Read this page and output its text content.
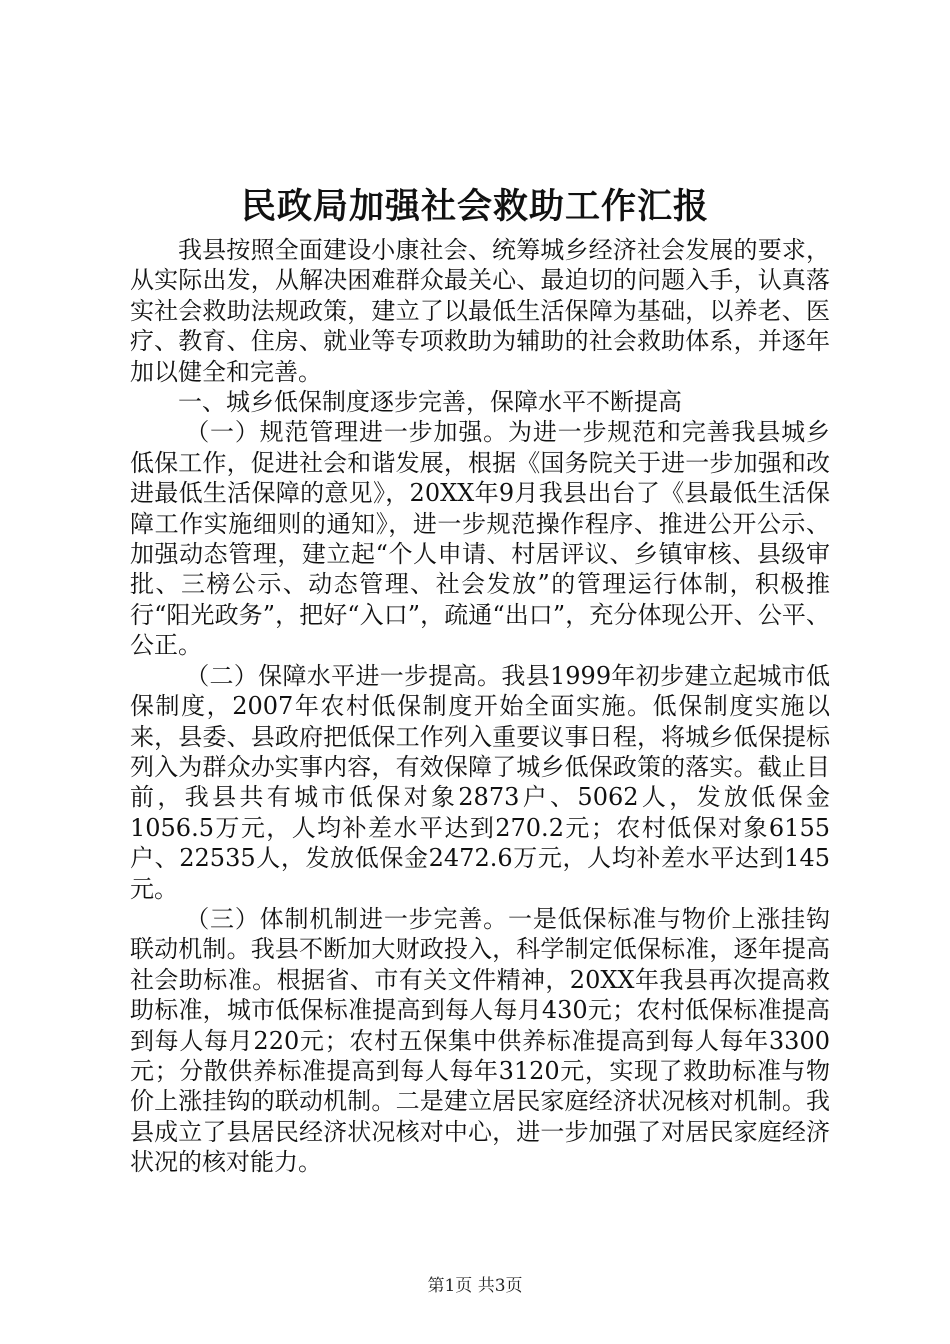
民政局加强社会救助工作汇报

我县按照全面建设小康社会、统筹城乡经济社会发展的要求，从实际出发，从解决困难群众最关心、最迫切的问题入手，认真落实社会救助法规政策，建立了以最低生活保障为基础，以养老、医疗、教育、住房、就业等专项救助为辅助的社会救助体系，并逐年加以健全和完善。

一、城乡低保制度逐步完善，保障水平不断提高

（一）规范管理进一步加强。为进一步规范和完善我县城乡低保工作，促进社会和谐发展，根据《国务院关于进一步加强和改进最低生活保障的意见》，20XX年9月我县出台了《县最低生活保障工作实施细则的通知》，进一步规范操作程序、推进公开公示、加强动态管理，建立起“个人申请、村居评议、乡镇审核、县级审批、三榜公示、动态管理、社会发放”的管理运行体制，积极推行“阳光政务”，把好“入口”，疏通“出口”，充分体现公开、公平、公正。

（二）保障水平进一步提高。我县1999年初步建立起城市低保制度，2007年农村低保制度开始全面实施。低保制度实施以来，县委、县政府把低保工作列入重要议事日程，将城乡低保提标列入为群众办实事内容，有效保障了城乡低保政策的落实。截止目前，我县共有城市低保对象2873户、5062人，发放低保金1056.5万元，人均补差水平达到270.2元；农村低保对象6155户、22535人，发放低保金2472.6万元，人均补差水平达到145元。

（三）体制机制进一步完善。一是低保标准与物价上涨挂钩联动机制。我县不断加大财政投入，科学制定低保标准，逐年提高社会助标准。根据省、市有关文件精神，20XX年我县再次提高救助标准，城市低保标准提高到每人每月430元；农村低保标准提高到每人每月220元；农村五保集中供养标准提高到每人每年3300元；分散供养标准提高到每人每年3120元，实现了救助标准与物价上涨挂钩的联动机制。二是建立居民家庭经济状况核对机制。我县成立了县居民经济状况核对中心，进一步加强了对居民家庭经济状况的核对能力。

第1页 共3页
